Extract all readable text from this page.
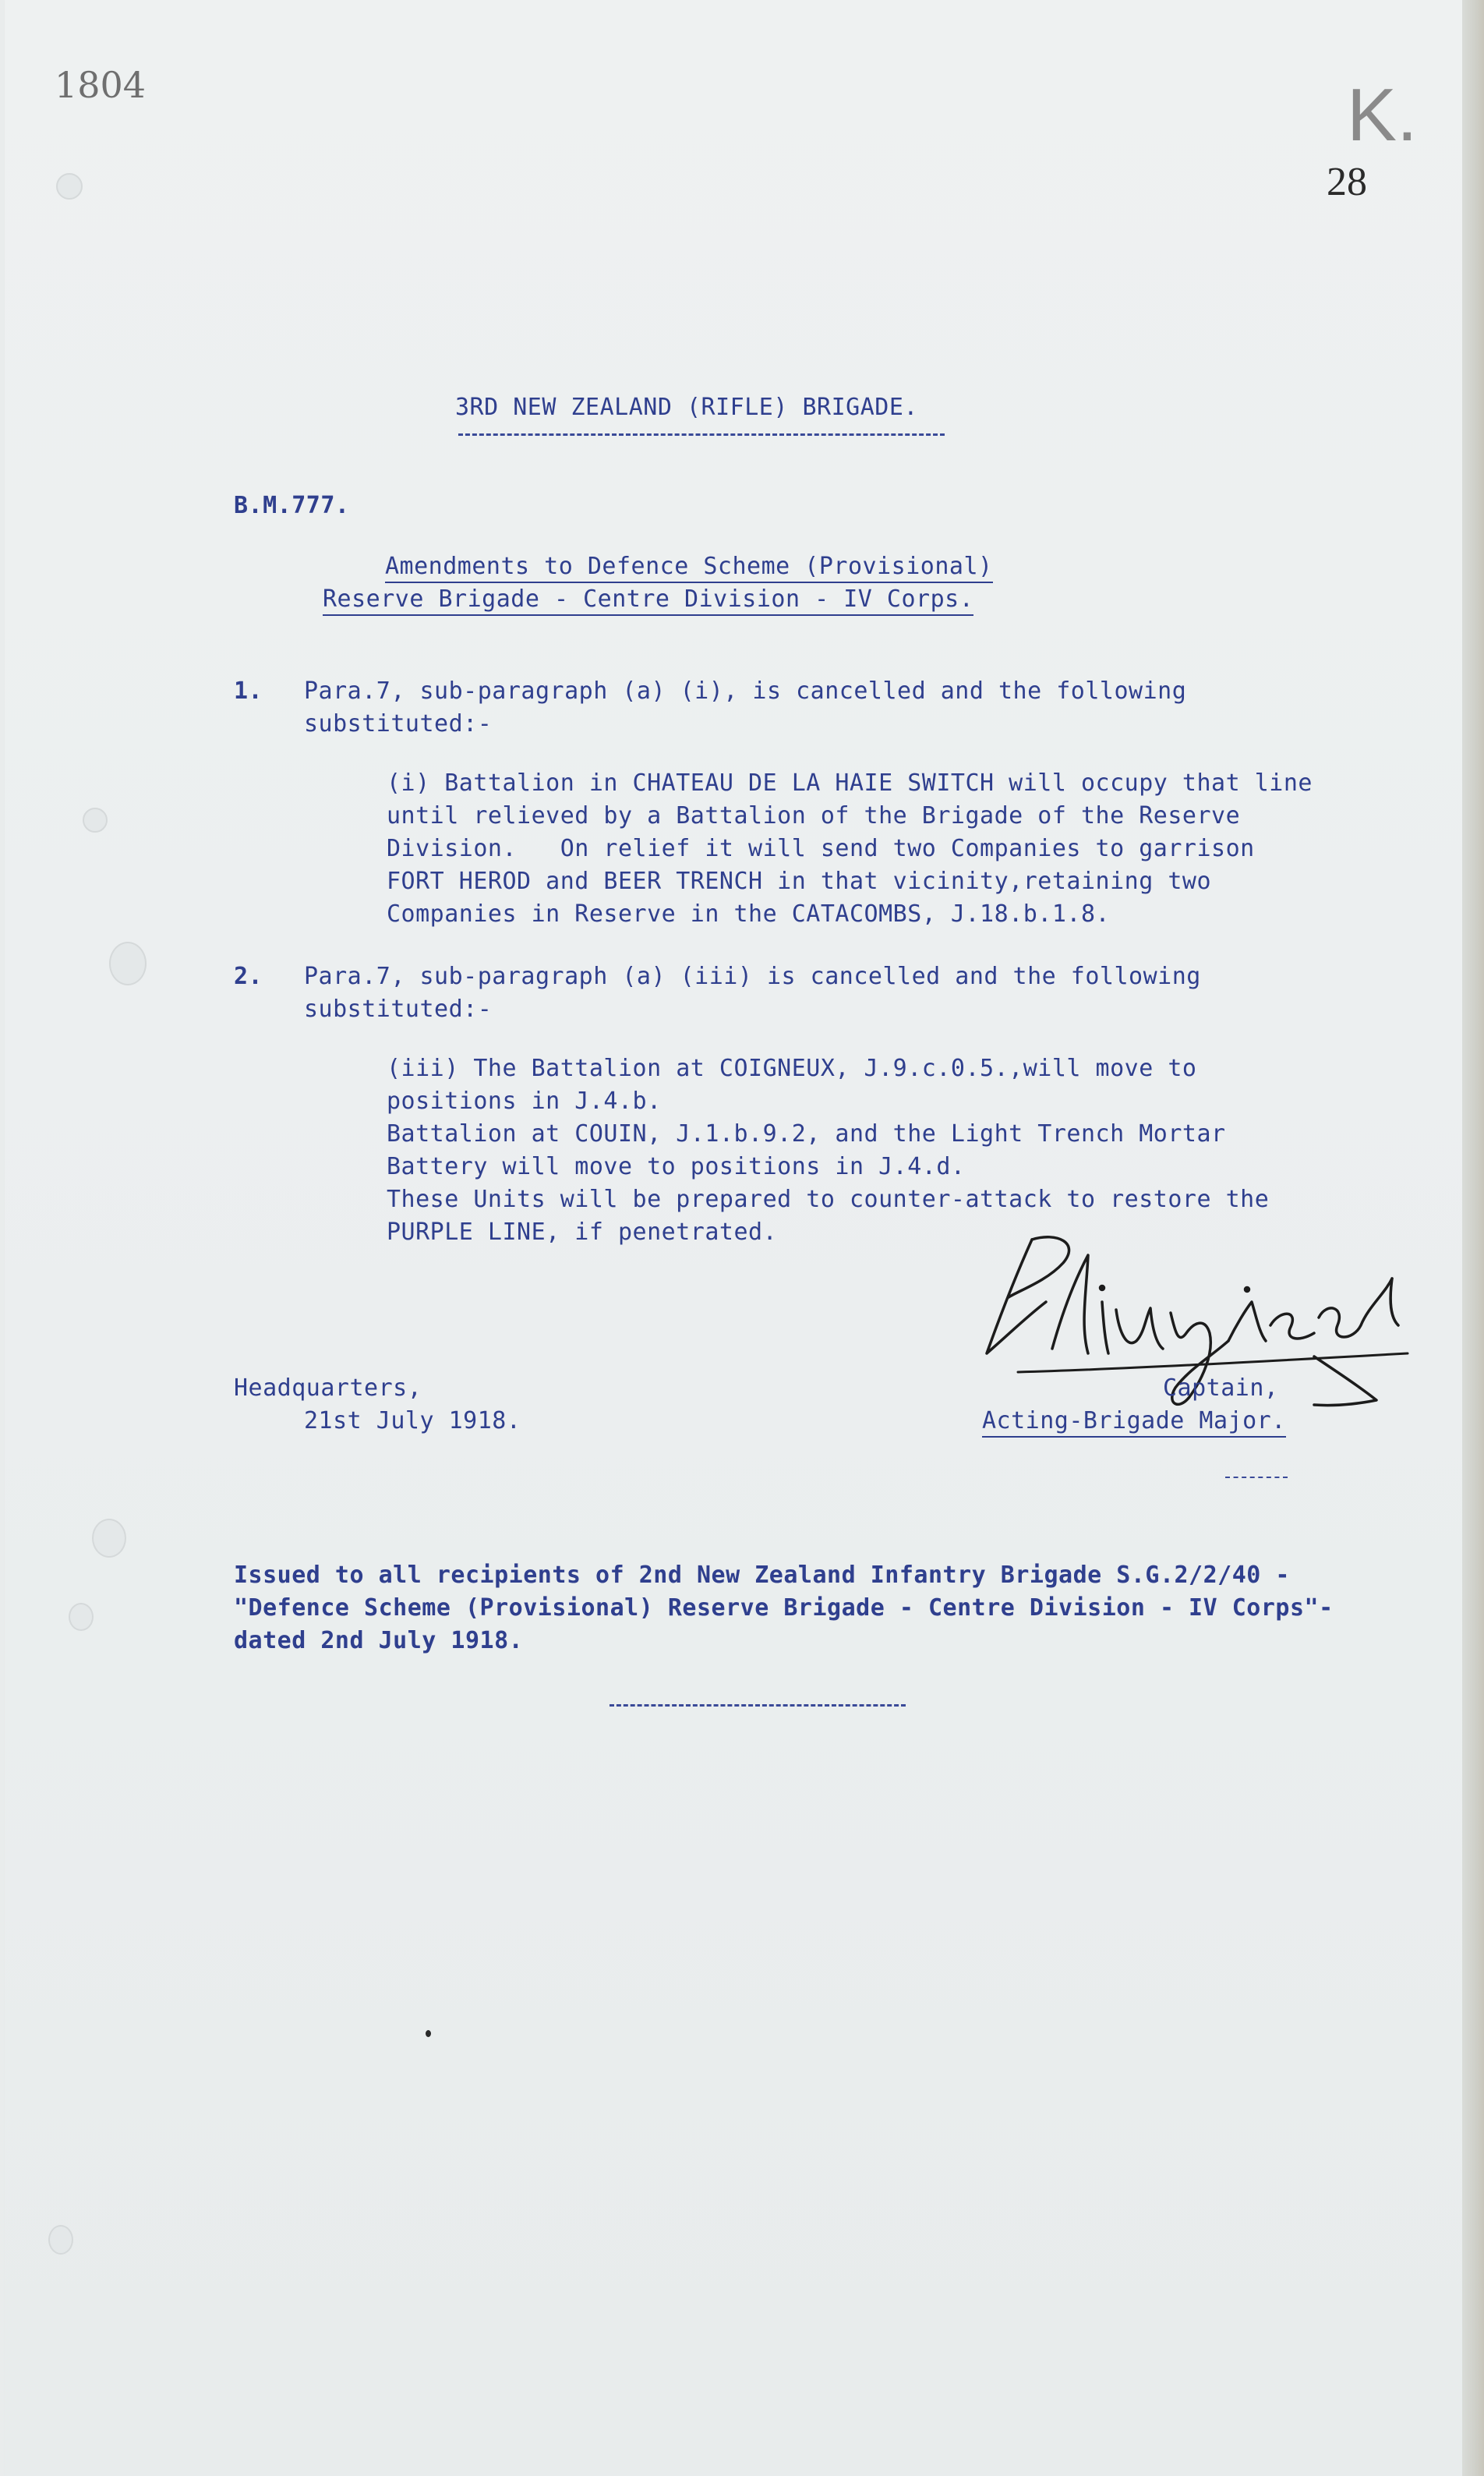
1804	K.
28
3RD NEW ZEALAND (RIFLE) BRIGADE.
B.M.777.
Amendments to Defence Scheme (Provisional)
Reserve Brigade - Centre Division - IV Corps.
1. Para.7, sub-paragraph (a) (i), is cancelled and the following
substituted:-
(i) Battalion in CHATEAU DE LA HAIE SWITCH will occupy that line
until relieved by a Battalion of the Brigade of the Reserve
Division.   On relief it will send two Companies to garrison
FORT HEROD and BEER TRENCH in that vicinity,retaining two
Companies in Reserve in the CATACOMBS, J.18.b.1.8.
2. Para.7, sub-paragraph (a) (iii) is cancelled and the following
substituted:-
(iii) The Battalion at COIGNEUX, J.9.c.0.5.,will move to
positions in J.4.b.
Battalion at COUIN, J.1.b.9.2, and the Light Trench Mortar
Battery will move to positions in J.4.d.
These Units will be prepared to counter-attack to restore the
PURPLE LINE, if penetrated.
Headquarters,
21st July 1918.
Captain,
Acting-Brigade Major.
Issued to all recipients of 2nd New Zealand Infantry Brigade S.G.2/2/40 -
"Defence Scheme (Provisional) Reserve Brigade - Centre Division - IV Corps"-
dated 2nd July 1918.
